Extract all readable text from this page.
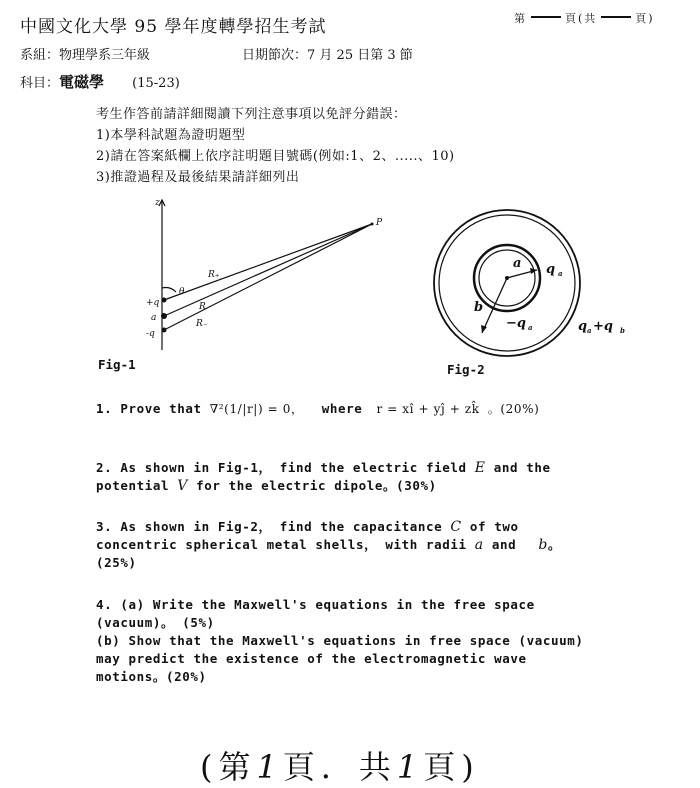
中國文化大學 95 學年度轉學招生考試	第	頁(共	頁)
系組：物理學系三年級	日期節次：7 月 25 日第 3 節
科目：電磁學 (15-23)
考生作答前請詳細閱讀下列注意事項以免評分錯誤：
1)本學科試題為證明題型
2)請在答案紙欄上依序註明題目號碼(例如:1、2、.....、10)
3)推證過程及最後結果請詳細列出
z
P
θ
R₊
R
R₋
+q
a
-q
Fig-1
a q a
b
−q a	q a +q b
Fig-2
1. Prove that ∇²(1/|r|) = 0， where r = xî + yĵ + zk̂ 。(20%)
2. As shown in Fig-1， find the electric field E and the
potential V for the electric dipole。(30%)
3. As shown in Fig-2， find the capacitance C of two
concentric spherical metal shells， with radii a and b。
(25%)
4. (a) Write the Maxwell's equations in the free space
(vacuum)。 (5%)
(b) Show that the Maxwell's equations in free space (vacuum)
may predict the existence of the electromagnetic wave
motions。(20%)
(第1頁．共1頁)
